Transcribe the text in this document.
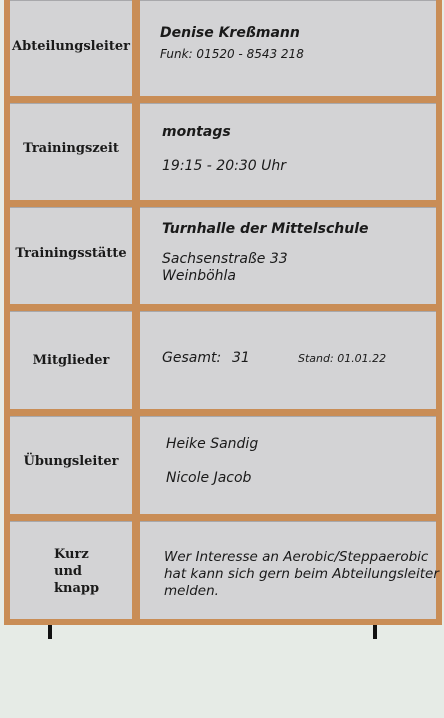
Abteilungsleiter
Denise Kreßmann
Funk: 01520 - 8543 218
Trainingszeit
montags
19:15 - 20:30 Uhr
Trainingsstätte
Turnhalle der Mittelschule
Sachsenstraße 33
Weinböhla
Mitglieder	Gesamt: 31	Stand: 01.01.22
Übungsleiter
Heike Sandig
Nicole Jacob
Kurz
und
knapp
Wer Interesse an Aerobic/Steppaerobic
hat kann sich gern beim Abteilungsleiter
melden.
